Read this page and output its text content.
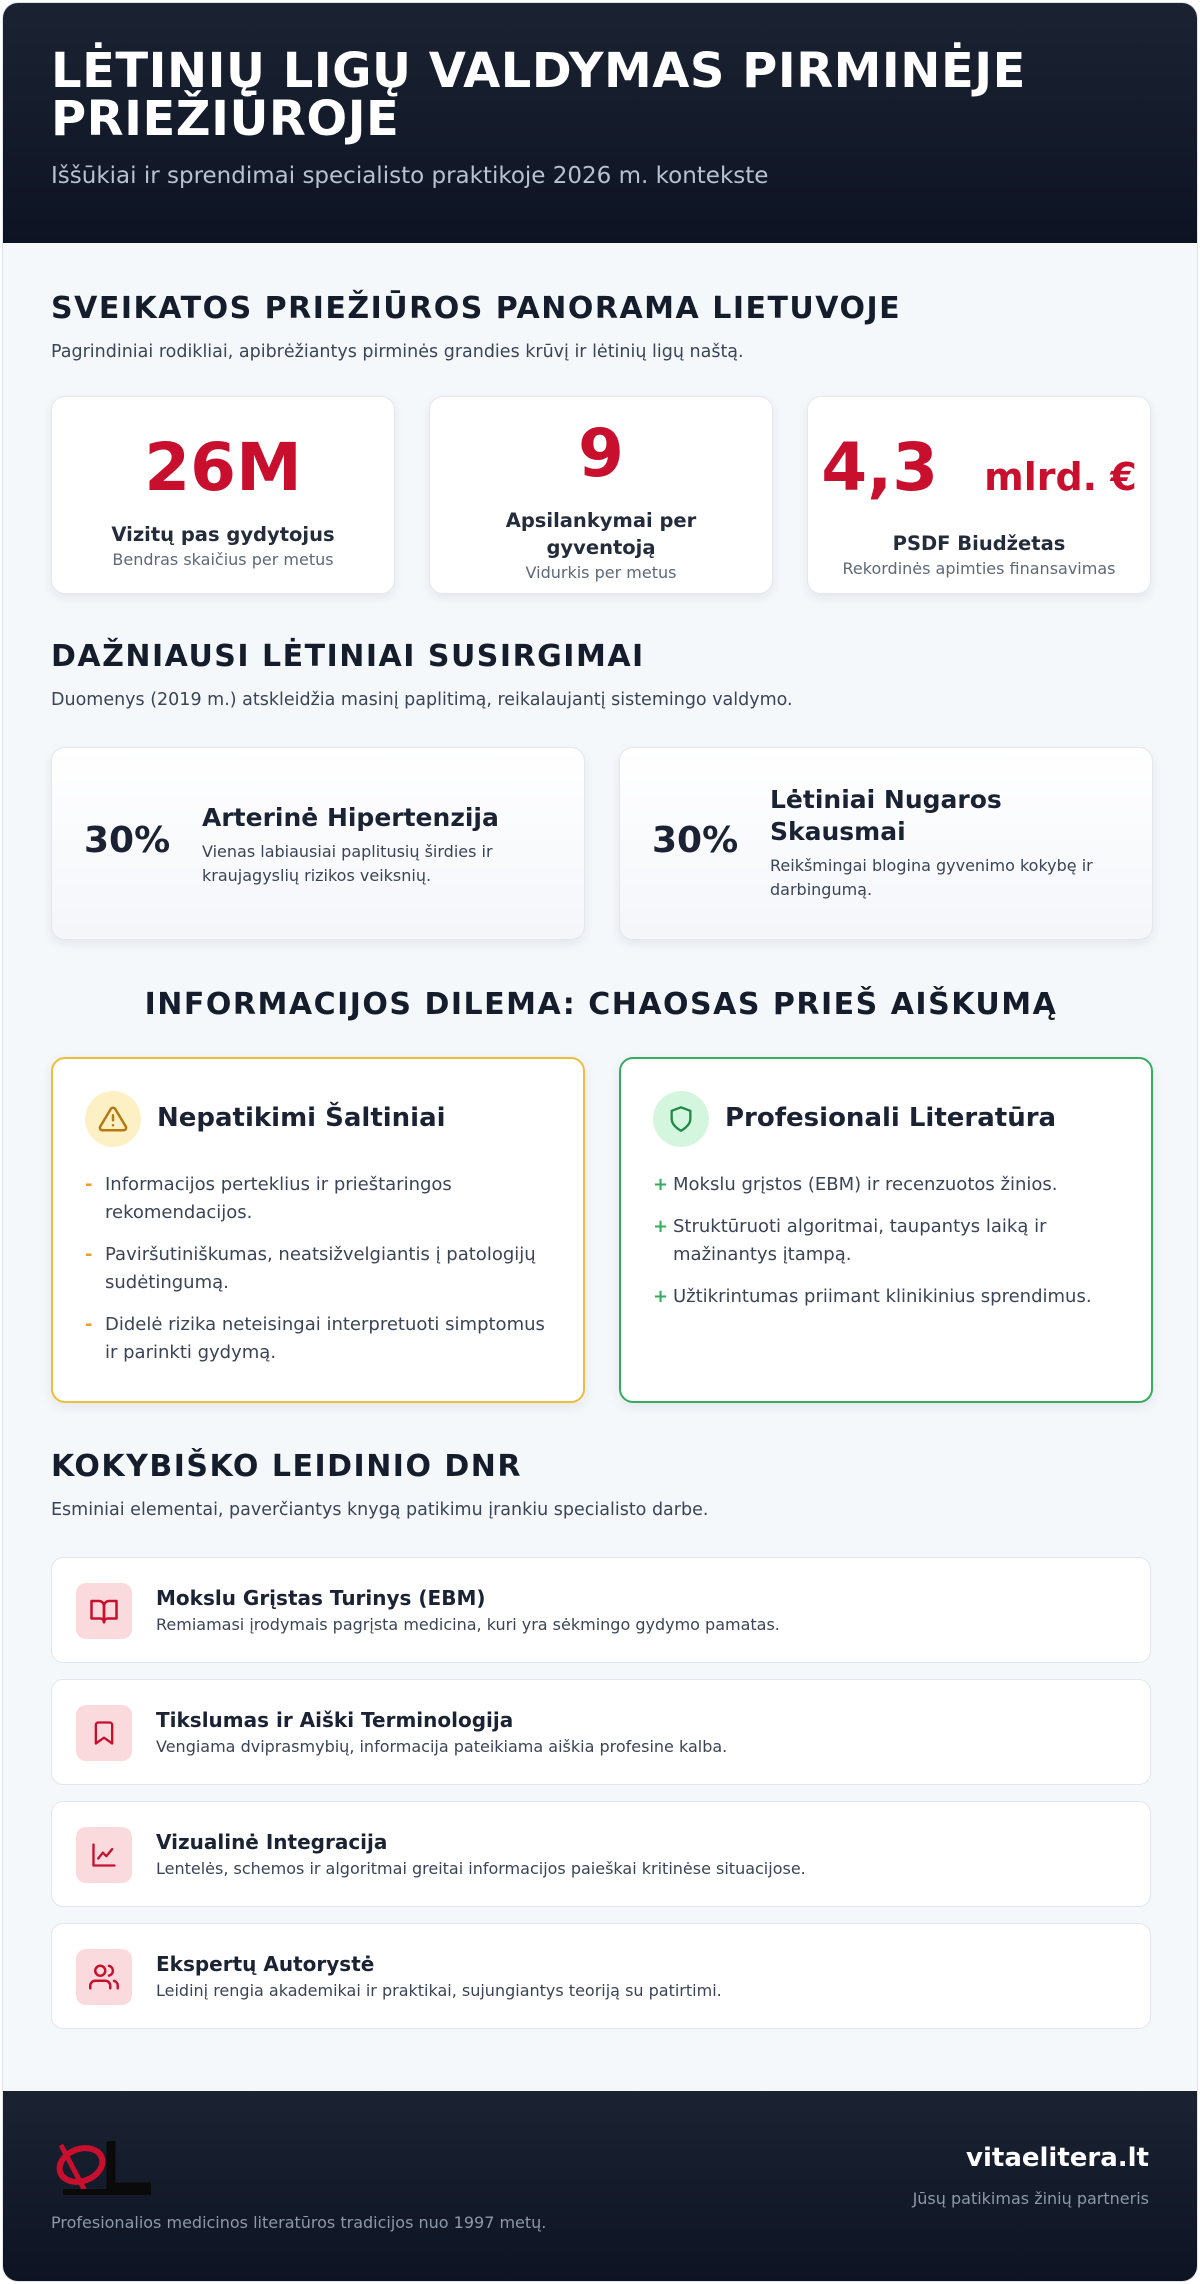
LĖTINIŲ LIGŲ VALDYMAS PIRMINĖJE PRIEŽIŪROJE
Iššūkiai ir sprendimai specialisto praktikoje 2026 m. kontekste
SVEIKATOS PRIEŽIŪROS PANORAMA LIETUVOJE
Pagrindiniai rodikliai, apibrėžiantys pirminės grandies krūvį ir lėtinių ligų naštą.
26M
Vizitų pas gydytojus
Bendras skaičius per metus
9
Apsilankymai per gyventoją
Vidurkis per metus
4,3 mlrd. €
PSDF Biudžetas
Rekordinės apimties finansavimas
DAŽNIAUSI LĖTINIAI SUSIRGIMAI
Duomenys (2019 m.) atskleidžia masinį paplitimą, reikalaujantį sistemingo valdymo.
30%
Arterinė Hipertenzija
Vienas labiausiai paplitusių širdies ir kraujagyslių rizikos veiksnių.
30%
Lėtiniai Nugaros Skausmai
Reikšmingai blogina gyvenimo kokybę ir darbingumą.
INFORMACIJOS DILEMA: CHAOSAS PRIEŠ AIŠKUMĄ
Nepatikimi Šaltiniai
- Informacijos perteklius ir prieštaringos rekomendacijos.
- Paviršutiniškumas, neatsižvelgiantis į patologijų sudėtingumą.
- Didelė rizika neteisingai interpretuoti simptomus ir parinkti gydymą.
Profesionali Literatūra
+ Mokslu grįstos (EBM) ir recenzuotos žinios.
+ Struktūruoti algoritmai, taupantys laiką ir mažinantys įtampą.
+ Užtikrintumas priimant klinikinius sprendimus.
KOKYBIŠKO LEIDINIO DNR
Esminiai elementai, paverčiantys knygą patikimu įrankiu specialisto darbe.
Mokslu Grįstas Turinys (EBM)
Remiamasi įrodymais pagrįsta medicina, kuri yra sėkmingo gydymo pamatas.
Tikslumas ir Aiški Terminologija
Vengiama dviprasmybių, informacija pateikiama aiškia profesine kalba.
Vizualinė Integracija
Lentelės, schemos ir algoritmai greitai informacijos paieškai kritinėse situacijose.
Ekspertų Autorystė
Leidinį rengia akademikai ir praktikai, sujungiantys teoriją su patirtimi.
Profesionalios medicinos literatūros tradicijos nuo 1997 metų.
vitaelitera.lt
Jūsų patikimas žinių partneris
